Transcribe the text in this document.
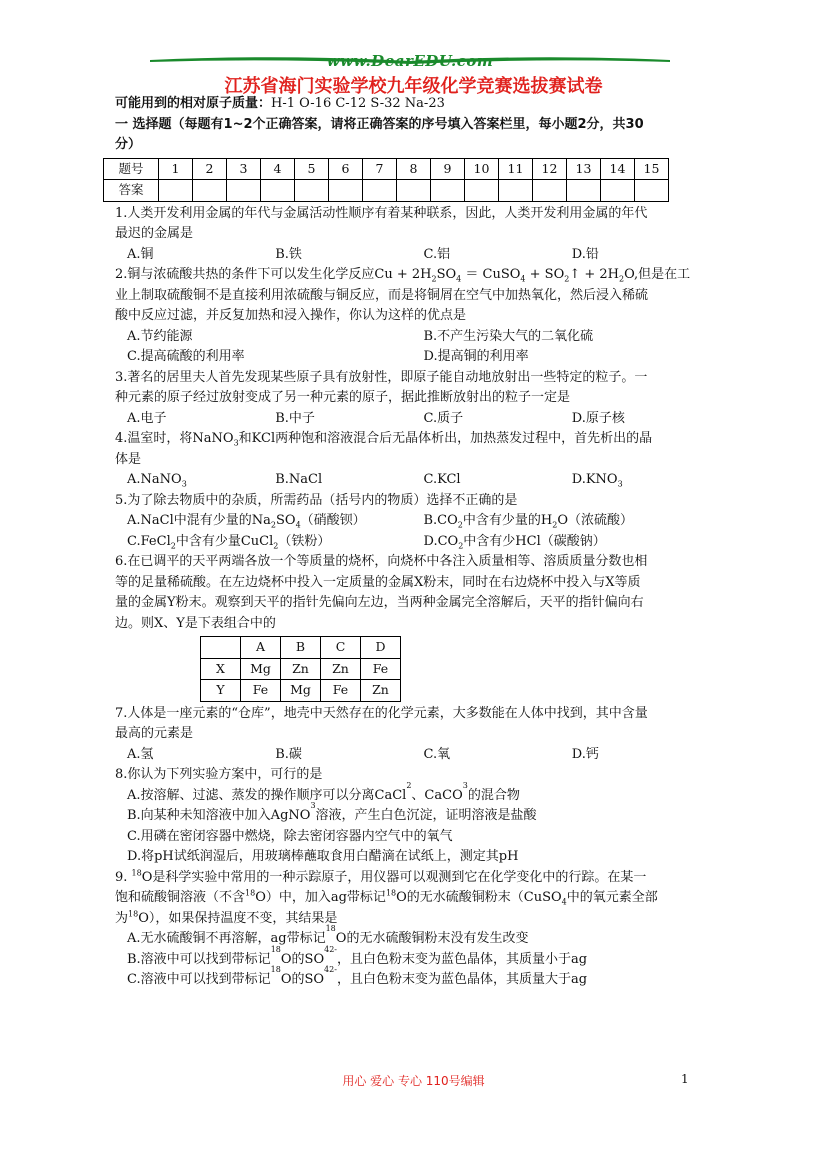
www.DearEDU.com
江苏省海门实验学校九年级化学竞赛选拔赛试卷
可能用到的相对原子质量：H-1 O-16 C-12 S-32 Na-23
一 选择题（每题有1~2个正确答案，请将正确答案的序号填入答案栏里，每小题2分，共30
分）
题号	1	2	3	4	5	6	7	8	9	10	11	12	13	14	15
答案															
1.人类开发利用金属的年代与金属活动性顺序有着某种联系，因此，人类开发利用金属的年代
最迟的金属是
A.铜	B.铁	C.铝	D.铅
2.铜与浓硫酸共热的条件下可以发生化学反应$Cu + 2H_2SO_4$ ＝ CuSO$_4$ + $SO_2↑ + 2H_2O$,但是在工
业上制取硫酸铜不是直接利用浓硫酸与铜反应，而是将铜屑在空气中加热氧化，然后浸入稀硫
酸中反应过滤，并反复加热和浸入操作，你认为这样的优点是
A.节约能源	B.不产生污染大气的二氧化硫
C.提高硫酸的利用率	D.提高铜的利用率
3.著名的居里夫人首先发现某些原子具有放射性，即原子能自动地放射出一些特定的粒子。一
种元素的原子经过放射变成了另一种元素的原子，据此推断放射出的粒子一定是
A.电子	B.中子	C.质子	D.原子核
4.温室时，将NaNO$_3$和KCl两种饱和溶液混合后无晶体析出，加热蒸发过程中，首先析出的晶
体是
A.NaNO$_3$	B.NaCl	C.KCl	$D.KNO_3$
5.为了除去物质中的杂质，所需药品（括号内的物质）选择不正确的是
A.NaCl中混有少量的$Na_2SO_4$（硝酸钡）	$B.CO_2$中含有少量的$H_2O$（浓硫酸）
C.FeCl$_2$中含有少量CuCl$_2$（铁粉）	$D.CO_2$中含有少HCl（碳酸钠）
6.在已调平的天平两端各放一个等质量的烧杯，向烧杯中各注入质量相等、溶质质量分数也相
等的足量稀硫酸。在左边烧杯中投入一定质量的金属X粉末，同时在右边烧杯中投入与X等质
量的金属Y粉末。观察到天平的指针先偏向左边，当两种金属完全溶解后，天平的指针偏向右
边。则X、Y是下表组合中的
	A	B	C	D
X	Mg	Zn	Zn	Fe
Y	Fe	Mg	Fe	Zn
7.人体是一座元素的“仓库”，地壳中天然存在的化学元素，大多数能在人体中找到，其中含量
最高的元素是
A.氢	B.碳	C.氧	D.钙
8.你认为下列实验方案中，可行的是
A.按溶解、过滤、蒸发的操作顺序可以分离CaCl
2
、CaCO
3
的混合物
B.向某种未知溶液中加入AgNO
3
溶液，产生白色沉淀，证明溶液是盐酸
C.用磷在密闭容器中燃烧，除去密闭容器内空气中的氧气
D.将pH试纸润湿后，用玻璃棒蘸取食用白醋滴在试纸上，测定其pH
9. $^{18}$O是科学实验中常用的一种示踪原子，用仪器可以观测到它在化学变化中的行踪。在某一
饱和硫酸铜溶液（不含$^{18}$O）中，加入ag带标记$^{18}$O的无水硫酸铜粉末（CuSO$_4$中的氧元素全部
为$^{18}$O），如果保持温度不变，其结果是
A.无水硫酸铜不再溶解，ag带标记
18
O的无水硫酸铜粉末没有发生改变
B.溶液中可以找到带标记
18
O的SO
4 2-
，且白色粉末变为蓝色晶体，其质量小于ag
C.溶液中可以找到带标记
18
O的SO
4 2-
，且白色粉末变为蓝色晶体，其质量大于ag
用心 爱心 专心 110号编辑	1
